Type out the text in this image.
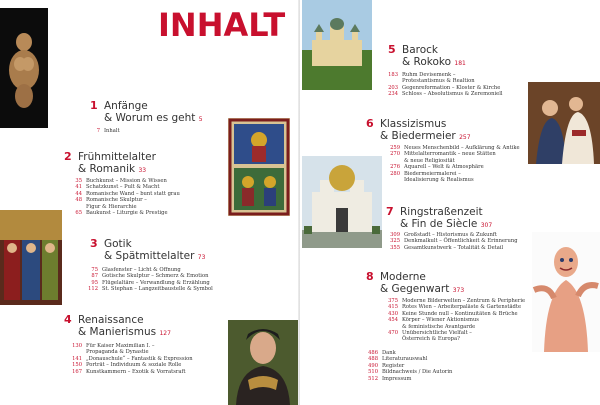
INHALT
1 Anfänge
& Worum es geht 5
7 Inhalt
2 Frühmittelalter
& Romanik 33
35 Buchkunst – Mission & Wissen
41 Schatzkunst – Pult & Macht
44 Romanische Wand – bunt statt grau
48 Romanische Skulptur –
Figur & Hierarchie
65 Baukunst – Liturgie & Prestige
3 Gotik
& Spätmittelalter 73
75 Glasfenster – Licht & Offnung
87 Gotische Skulptur – Schmerz & Emotion
95 Flügelaltäre – Verwandlung & Erzählung
112 St. Stephan – Langzeitbaustelle & Symbol
4 Renaissance
& Manierismus 127
130 Für Kaiser Maximilian I. –
Propaganda & Dynastie
141 „Donauschule“ – Fantastik & Expression
150 Porträt – Individuum & soziale Rolle
167 Kunstkammern – Exotik & Vorratsraft
5 Barock
& Rokoko 181
183 Ruhm Devisemenk –
Protestantismus & Realtion
203 Gegenreformation – Kloster & Kirche
234 Schloss – Absolutismus & Zeremoniell
6 Klassizismus
& Biedermeier 257
259 Neues Menschenbild – Aufklärung & Antike
270 Mittelalterromantik – neue Stätten
& neue Religiosität
276 Aquarell – Welt & Atmosphäre
280 Biedermeiermalerei –
Idealisierung & Realismus
7 Ringstraßenzeit
& Fin de Siècle 307
309 Großstadt – Historismus & Zukunft
325 Denkmalkult – Öffentlichkeit & Erinnerung
355 Gesamtkunstwerk – Totalität & Detail
8 Moderne
& Gegenwart 373
375 Moderne Bilderwelten – Zentrum & Peripherie
415 Rotes Wien – Arbeiterpaläste & Gartenstädte
430 Keine Stunde null – Kontinuitäten & Brüche
454 Körper – Wiener Aktionismus
& feministische Avantgarde
470 Unübersichtliche Vielfalt –
Österreich & Europa?
486 Dank
488 Literaturauswahl
490 Register
510 Bildnachweis / Die Autorin
512 Impressum
